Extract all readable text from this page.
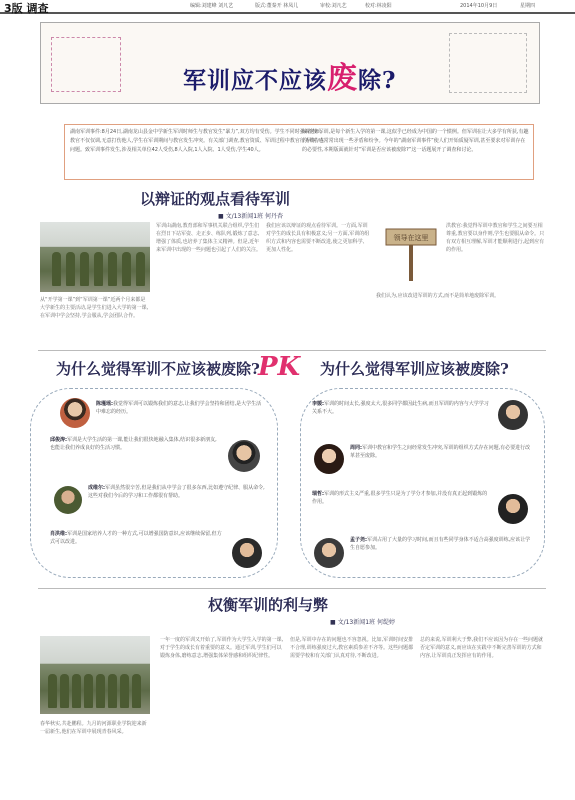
3版 调查	编辑:刘建峰 刘凡艺	版式:董秦开 林凤儿	审校:刘凡艺	校对:林凌阳	2014年10月9日	星期四
军训应不应该废除?
湖南军训事件:8月24日,湖南龙山县金中学新生军训时师生与教官发生“暴力”,双方均有受伤。学生不同时强调老师,教官不仅仅调,无意打伤他人,学生在军训期间与教官发生冲突。有关部门调查,教官资质、军训过程中教官行为均存在问题。致军训事件发生,涉及相关单位42人受伤,8人入院,1人入院、1人受伤,学生40人。
编者按:军训,是每个新生入学的第一课,这似乎已经成为中国的一个惯例。但军训在让大多学有所获,有趣的同时,也常常出现一些矛盾和纷争。今年的“湖南军训事件”使人们开始质疑军训,甚至要求对军训存在的必要性,本期版面就针对“军训是否应该被废除?”这一话题展开了调查和讨论。
以辩证的观点看待军训
■ 文/13新闻1班 何丹杏
从“开学第一课”到“军训第一课”近两个月来都是大学新生的主要活动,是学生们进入大学的第一课,在军训中学会坚持,学会服从,学会团队合作。
军训由湖南,教育部和军事机关联合组织,学生们在烈日下站军姿、走正步、练队列,锻炼了意志,增强了体质,也培养了集体主义精神。但是,近年来军训中出现的一些问题也引起了人们的关注。
我们应该以辩证的观点看待军训。一方面,军训对学生的成长具有积极意义;另一方面,军训的组织方式和内容也需要不断改进,使之更加科学、更加人性化。
领导在这里
洪教官:我觉得军训中教官和学生之间要互相尊重,教官要以身作则,学生也要服从命令。只有双方相互理解,军训才能顺利进行,起到应有的作用。
我们认为,应该改进军训的方式,而不是简单地废除军训。
为什么觉得军训不应该被废除?
PK 为什么觉得军训应该被废除?
陈瑾瑶:我觉得军训可以锻炼我们的意志,让我们学会坚持和团结,是大学生活中难忘的经历。
邱俊涛:军训是大学生活的第一课,能让我们很快地融入集体,结识很多新朋友,也能让我们养成良好的生活习惯。
成维尔:军训虽然很辛苦,但是我们从中学会了很多东西,比如遵守纪律、服从命令,这些对我们今后的学习和工作都很有帮助。
肖洪维:军训是国家培养人才的一种方式,可以增强国防意识,应该继续保留,但方式可以改进。
李媛:军训的时间太长,强度太大,很多同学都因此生病,而且军训的内容与大学学习关系不大。
周同:军训中教官和学生之间经常发生冲突,军训的组织方式存在问题,有必要进行改革甚至废除。
瑞哲:军训的形式主义严重,很多学生只是为了学分才参加,并没有真正起到锻炼的作用。
孟子尧:军训占用了大量的学习时间,而且有些同学身体不适合高强度训练,应该让学生自愿参加。
权衡军训的利与弊
■ 文/13新闻1班 何缇婷
春华秋实,共赴鹏程。九月的河源职业学院迎来新一届新生,他们在军训中展现青春风采。
一年一度的军训又开始了,军训作为大学生入学的第一课,对于学生的成长有着重要的意义。通过军训,学生们可以锻炼身体,磨练意志,增强集体荣誉感和组织纪律性。
但是,军训中存在的问题也不容忽视。比如,军训时间安排不合理,训练强度过大,教官素质参差不齐等。这些问题都需要学校和有关部门认真对待,不断改进。
总的来说,军训利大于弊,我们不应该因为存在一些问题就否定军训的意义,而应该在实践中不断完善军训的方式和内容,让军训真正发挥应有的作用。
